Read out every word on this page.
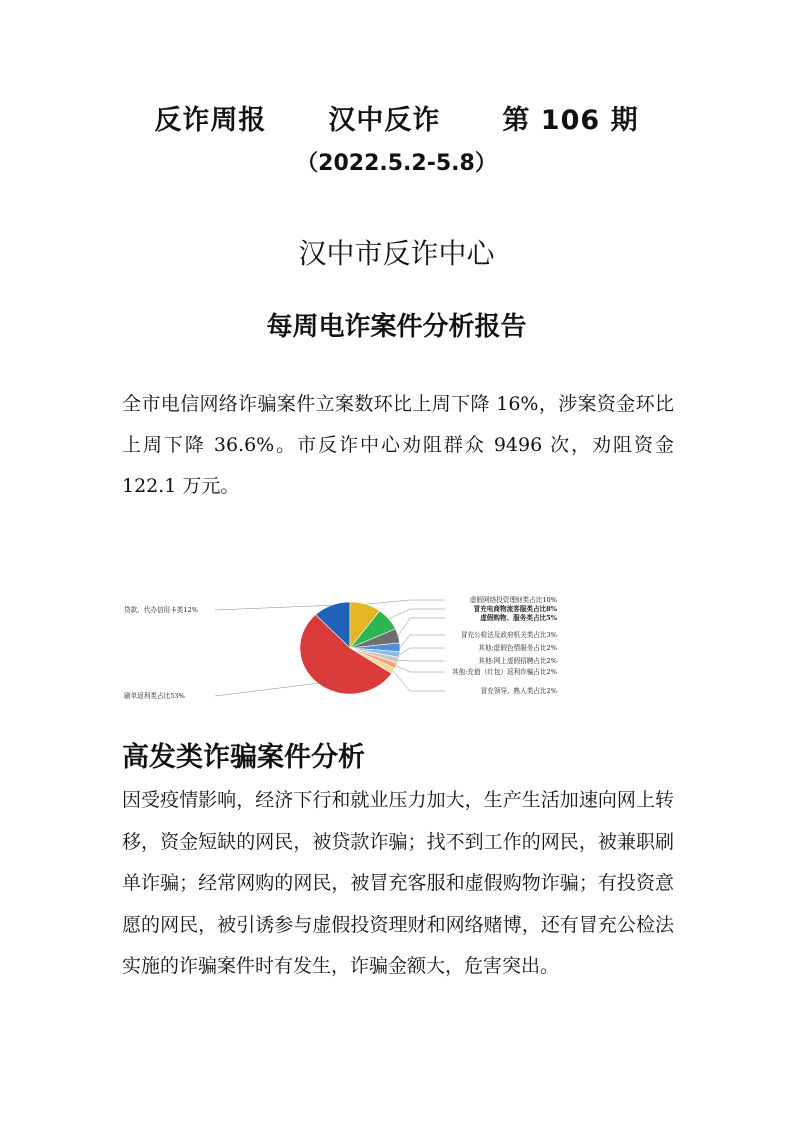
反诈周报 汉中反诈 第 106 期
（2022.5.2-5.8）
汉中市反诈中心
每周电诈案件分析报告

全市电信网络诈骗案件立案数环比上周下降 16%，涉案资金环比上周下降 36.6%。市反诈中心劝阻群众 9496 次，劝阻资金 122.1 万元。

虚假网络投资理财类占比10%
冒充电商物流客服类占比8%
虚假购物、服务类占比5%
冒充公检法及政府机关类占比3%
其他:虚假色情服务占比2%
其他:网上虚假招聘占比2%
其他:充值（红包）返利诈骗占比2%
冒充领导、熟人类占比2%
贷款、代办信用卡类12%
刷单返利类占比53%
高发类诈骗案件分析

因受疫情影响，经济下行和就业压力加大，生产生活加速向网上转移，资金短缺的网民，被贷款诈骗；找不到工作的网民，被兼职刷单诈骗；经常网购的网民，被冒充客服和虚假购物诈骗；有投资意愿的网民，被引诱参与虚假投资理财和网络赌博，还有冒充公检法实施的诈骗案件时有发生，诈骗金额大，危害突出。
